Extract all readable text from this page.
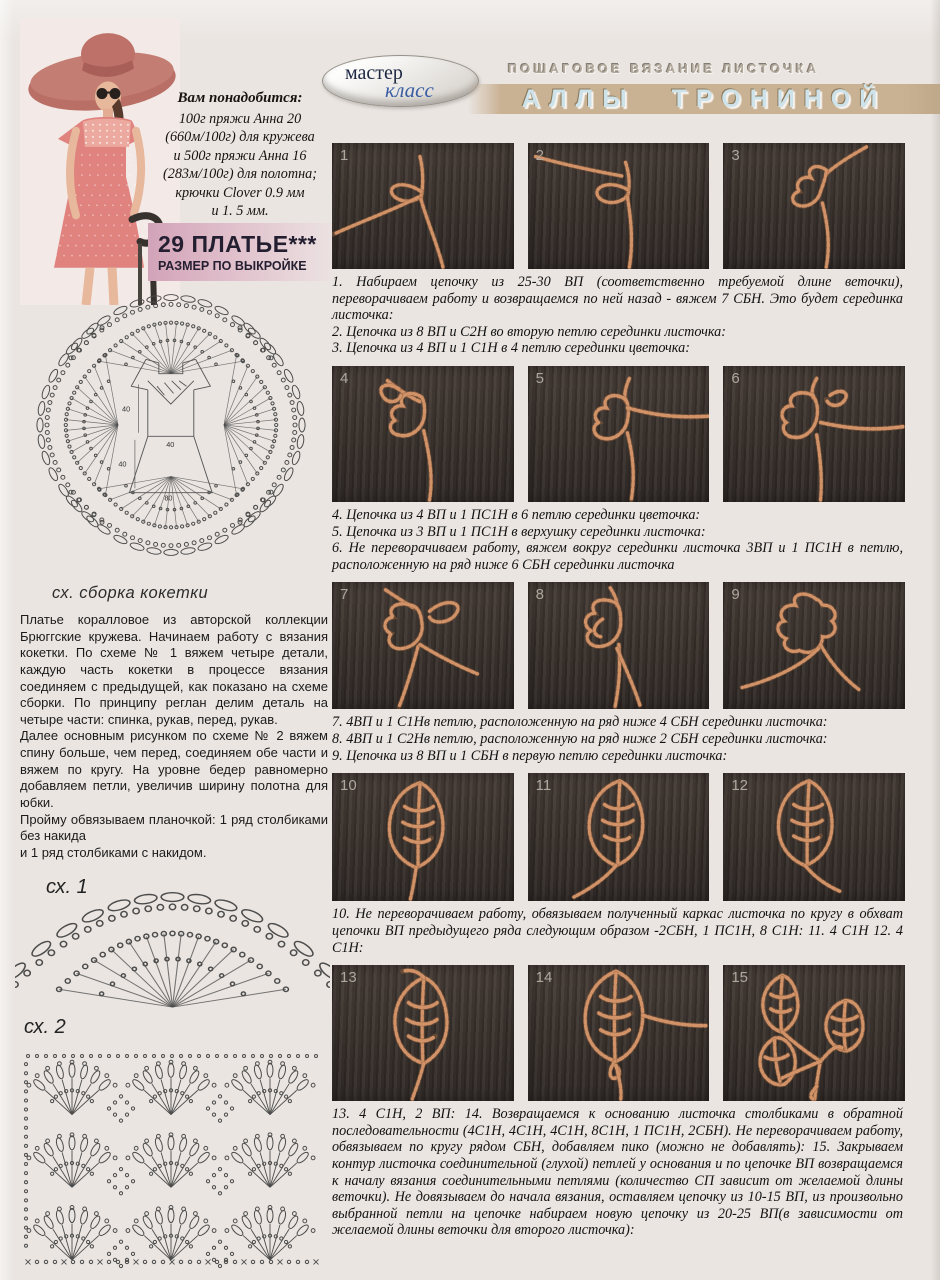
Вам понадобится:
100г пряжи Анна 20
(660м/100г) для кружева
и 500г пряжи Анна 16
(283м/100г) для полотна;
крючки Clover 0.9 мм
и 1. 5 мм.
29 ПЛАТЬЕ***
РАЗМЕР ПО ВЫКРОЙКЕ
40
40
40
80
сх. сборка кокетки

Платье коралловое из авторской коллекции Брюггские кружева. Начинаем работу с вязания кокетки. По схеме № 1 вяжем четыре детали, каждую часть кокетки в процессе вязания соединяем с предыдущей, как показано на схеме сборки. По принципу реглан делим деталь на четыре части: спинка, рукав, перед, рукав.

Далее основным рисунком по схеме № 2 вяжем спину больше, чем перед, соединяем обе части и вяжем по кругу. На уровне бедер равномерно добавляем петли, увеличив ширину полотна для юбки.

Пройму обвязываем планочкой: 1 ряд столбиками без накида

и 1 ряд столбиками с накидом.

сх. 1
сх. 2
мастер
класс
ПОШАГОВОЕ ВЯЗАНИЕ ЛИСТОЧКА
АЛЛЫ ТРОНИНОЙ
1	2	3

1. Набираем цепочку из 25-30 ВП (соответственно требуемой длине веточки), переворачиваем работу и возвращаемся по ней назад - вяжем 7 СБН. Это будет серединка листочка:

2. Цепочка из 8 ВП и С2Н во вторую петлю серединки листочка:

3. Цепочка из 4 ВП и 1 С1Н в 4 петлю серединки цветочка:

4	5	6

4. Цепочка из 4 ВП и 1 ПС1Н в 6 петлю серединки цветочка:

5. Цепочка из 3 ВП и 1 ПС1Н в верхушку серединки листочка:

6. Не переворачиваем работу, вяжем вокруг серединки листочка 3ВП и 1 ПС1Н в петлю, расположенную на ряд ниже 6 СБН серединки листочка

7	8	9

7. 4ВП и 1 С1Нв петлю, расположенную на ряд ниже 4 СБН серединки листочка:

8. 4ВП и 1 С2Нв петлю, расположенную на ряд ниже 2 СБН серединки листочка:

9. Цепочка из 8 ВП и 1 СБН в первую петлю серединки листочка:

10	11	12

10. Не переворачиваем работу, обвязываем полученный каркас листочка по кругу в обхват цепочки ВП предыдущего ряда следующим образом -2СБН, 1 ПС1Н, 8 С1Н: 11. 4 С1Н 12. 4 С1Н:

13	14	15

13. 4 С1Н, 2 ВП: 14. Возвращаемся к основанию листочка столбиками в обратной последовательности (4С1Н, 4С1Н, 4С1Н, 8С1Н, 1 ПС1Н, 2СБН). Не переворачиваем работу, обвязываем по кругу рядом СБН, добавляем пико (можно не добавлять): 15. Закрываем контур листочка соединительной (глухой) петлей у основания и по цепочке ВП возвращаемся к началу вязания соединительными петлями (количество СП зависит от желаемой длины веточки). Не довязываем до начала вязания, оставляем цепочку из 10-15 ВП, из произвольно выбранной петли на цепочке набираем новую цепочку из 20-25 ВП(в зависимости от желаемой длины веточки для второго листочка):
